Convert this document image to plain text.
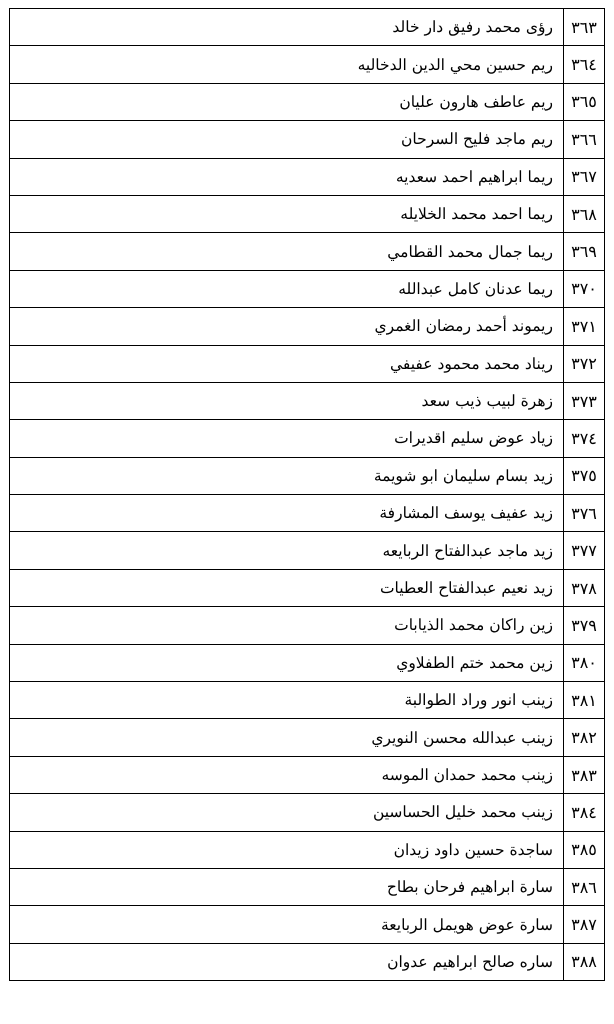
٣٦٣	رؤى محمد رفيق دار خالد
٣٦٤	ريم حسين محي الدين الدخاليه
٣٦٥	ريم عاطف هارون عليان
٣٦٦	ريم ماجد فليح السرحان
٣٦٧	ريما ابراهيم احمد سعديه
٣٦٨	ريما احمد محمد الخلايله
٣٦٩	ريما جمال محمد القطامي
٣٧٠	ريما عدنان كامل عبدالله
٣٧١	ريموند أحمد رمضان الغمري
٣٧٢	ريناد محمد محمود عفيفي
٣٧٣	زهرة لبيب ذيب سعد
٣٧٤	زياد عوض سليم اقديرات
٣٧٥	زيد بسام سليمان ابو شويمة
٣٧٦	زيد عفيف يوسف المشارفة
٣٧٧	زيد ماجد عبدالفتاح الربايعه
٣٧٨	زيد نعيم عبدالفتاح العطيات
٣٧٩	زين راكان محمد الذيابات
٣٨٠	زين محمد ختم الطفلاوي
٣٨١	زينب انور وراد الطوالبة
٣٨٢	زينب عبدالله محسن النويري
٣٨٣	زينب محمد حمدان الموسه
٣٨٤	زينب محمد خليل الحساسين
٣٨٥	ساجدة حسين داود زيدان
٣٨٦	سارة ابراهيم فرحان بطاح
٣٨٧	سارة عوض هويمل الربايعة
٣٨٨	ساره صالح ابراهيم عدوان
